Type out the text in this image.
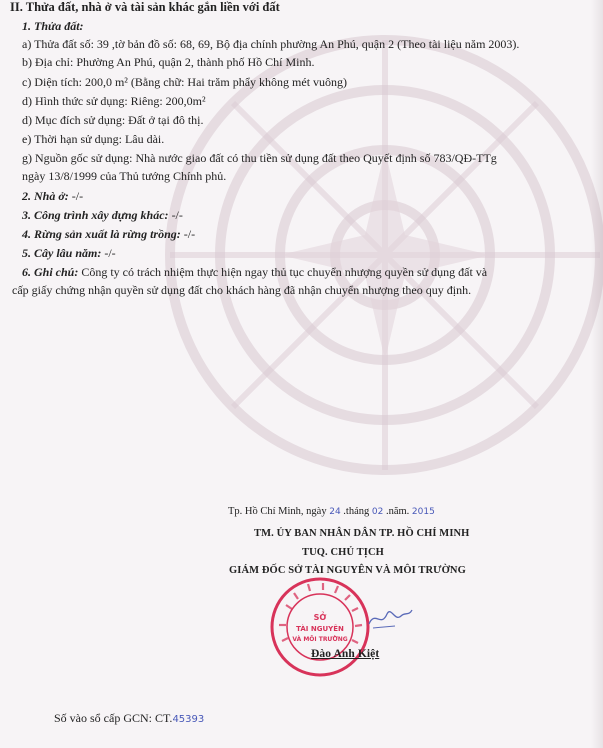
II. Thửa đất, nhà ở và tài sản khác gắn liền với đất
1. Thửa đất:
a) Thửa đất số: 39 ,tờ bản đồ số: 68, 69, Bộ địa chính phường An Phú, quận 2 (Theo tài liệu năm 2003).
b) Địa chỉ: Phường An Phú, quận 2, thành phố Hồ Chí Minh.
c) Diện tích: 200,0 m² (Bằng chữ: Hai trăm phẩy không mét vuông)
d) Hình thức sử dụng: Riêng: 200,0m²
d) Mục đích sử dụng: Đất ở tại đô thị.
e) Thời hạn sử dụng: Lâu dài.
g) Nguồn gốc sử dụng: Nhà nước giao đất có thu tiền sử dụng đất theo Quyết định số 783/QĐ-TTg
ngày 13/8/1999 của Thủ tướng Chính phủ.
2. Nhà ở: -/-
3. Công trình xây dựng khác: -/-
4. Rừng sản xuất là rừng trồng: -/-
5. Cây lâu năm: -/-
6. Ghi chú: Công ty có trách nhiệm thực hiện ngay thủ tục chuyển nhượng quyền sử dụng đất và
cấp giấy chứng nhận quyền sử dụng đất cho khách hàng đã nhận chuyển nhượng theo quy định.
Tp. Hồ Chí Minh, ngày 24 .tháng 02 .năm. 2015
TM. ỦY BAN NHÂN DÂN TP. HỒ CHÍ MINH
TUQ. CHỦ TỊCH
GIÁM ĐỐC SỞ TÀI NGUYÊN VÀ MÔI TRƯỜNG
SỞ
TÀI NGUYÊN
VÀ MÔI TRƯỜNG
Đào Anh Kiệt
Số vào sổ cấp GCN: CT.45393
